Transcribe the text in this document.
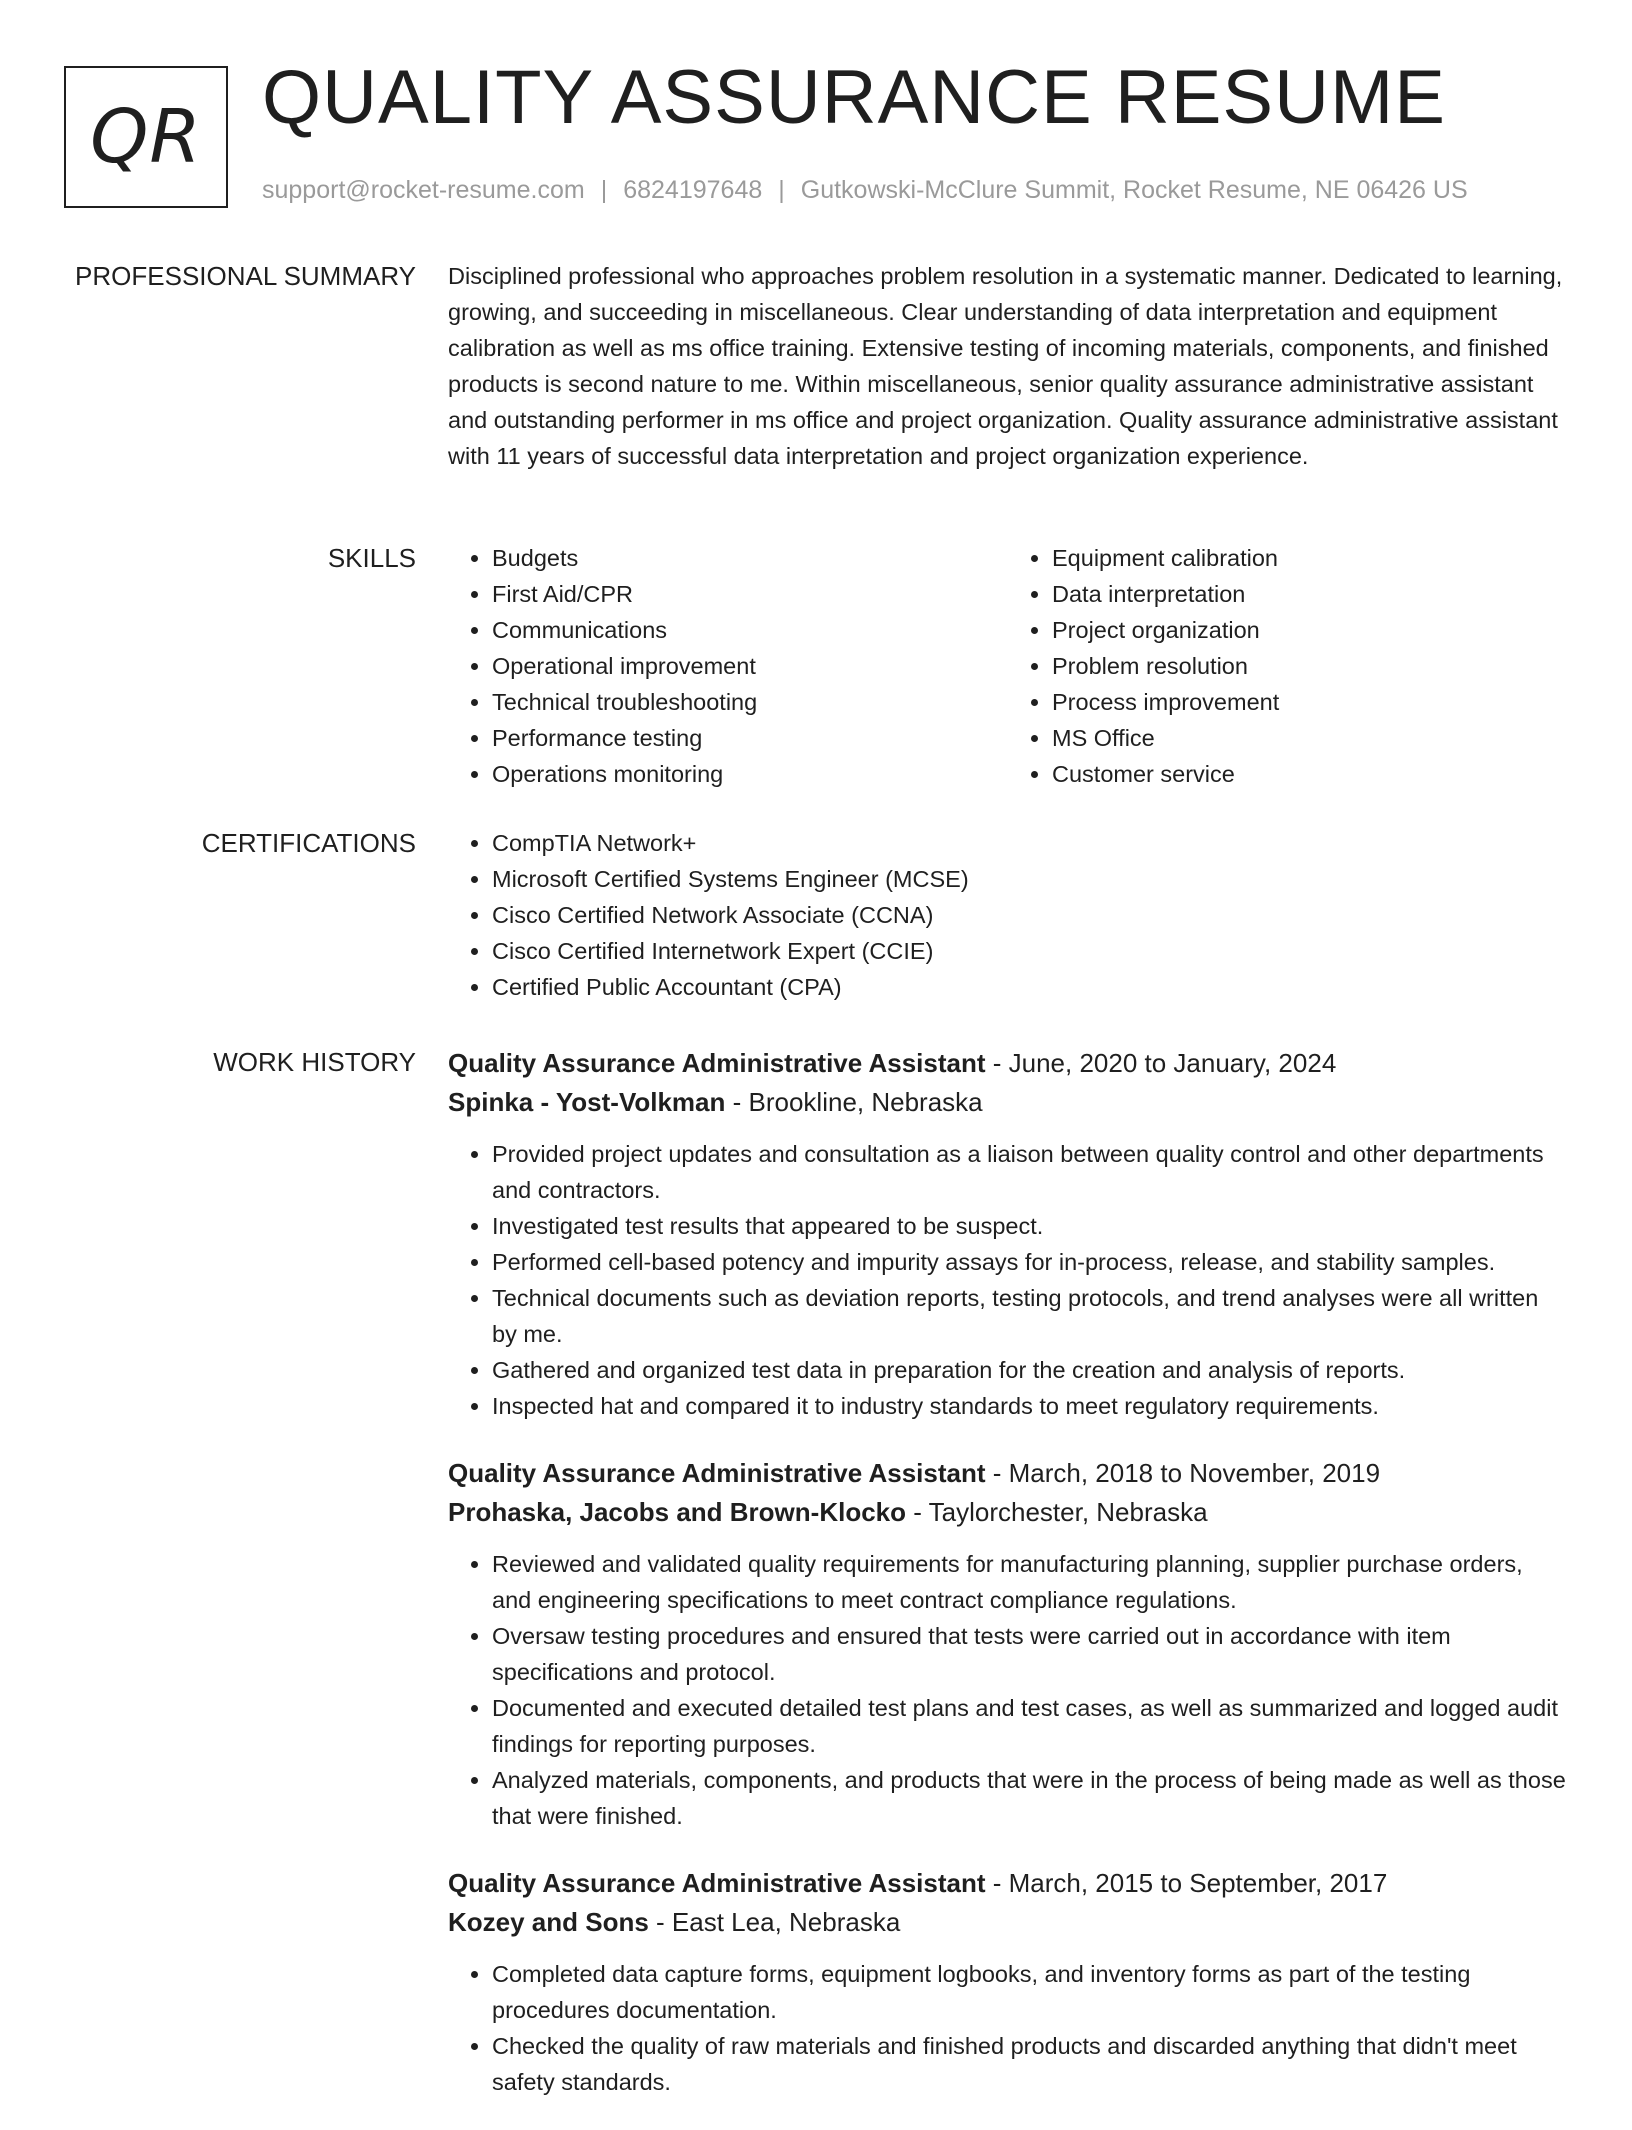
QR QUALITY ASSURANCE RESUME
support@rocket-resume.com | 6824197648 | Gutkowski-McClure Summit, Rocket Resume, NE 06426 US
PROFESSIONAL SUMMARY Disciplined professional who approaches problem resolution in a systematic manner. Dedicated to learning, growing, and succeeding in miscellaneous. Clear understanding of data interpretation and equipment calibration as well as ms office training. Extensive testing of incoming materials, components, and finished products is second nature to me. Within miscellaneous, senior quality assurance administrative assistant and outstanding performer in ms office and project organization. Quality assurance administrative assistant with 11 years of successful data interpretation and project organization experience.

SKILLS	• Budgets
• First Aid/CPR
• Communications
• Operational improvement
• Technical troubleshooting
• Performance testing
• Operations monitoring
• Equipment calibration
• Data interpretation
• Project organization
• Problem resolution
• Process improvement
• MS Office
• Customer service
CERTIFICATIONS	• CompTIA Network+
• Microsoft Certified Systems Engineer (MCSE)
• Cisco Certified Network Associate (CCNA)
• Cisco Certified Internetwork Expert (CCIE)
• Certified Public Accountant (CPA)
WORK HISTORY Quality Assurance Administrative Assistant - June, 2020 to January, 2024
Spinka - Yost-Volkman - Brookline, Nebraska
• Provided project updates and consultation as a liaison between quality control and other departments and contractors.
• Investigated test results that appeared to be suspect.
• Performed cell-based potency and impurity assays for in-process, release, and stability samples.
• Technical documents such as deviation reports, testing protocols, and trend analyses were all written by me.
• Gathered and organized test data in preparation for the creation and analysis of reports.
• Inspected hat and compared it to industry standards to meet regulatory requirements.
Quality Assurance Administrative Assistant - March, 2018 to November, 2019
Prohaska, Jacobs and Brown-Klocko - Taylorchester, Nebraska
• Reviewed and validated quality requirements for manufacturing planning, supplier purchase orders, and engineering specifications to meet contract compliance regulations.
• Oversaw testing procedures and ensured that tests were carried out in accordance with item specifications and protocol.
• Documented and executed detailed test plans and test cases, as well as summarized and logged audit findings for reporting purposes.
• Analyzed materials, components, and products that were in the process of being made as well as those that were finished.
Quality Assurance Administrative Assistant - March, 2015 to September, 2017
Kozey and Sons - East Lea, Nebraska
• Completed data capture forms, equipment logbooks, and inventory forms as part of the testing procedures documentation.
• Checked the quality of raw materials and finished products and discarded anything that didn't meet safety standards.
